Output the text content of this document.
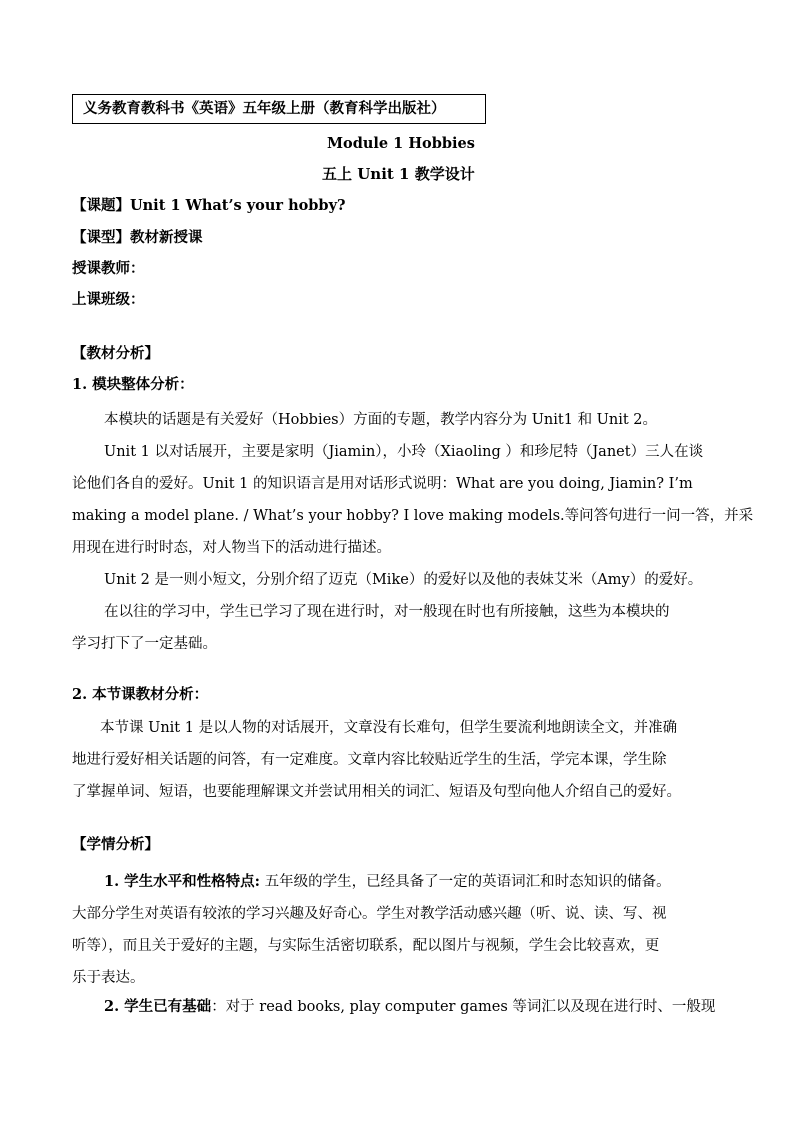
义务教育教科书《英语》五年级上册（教育科学出版社）
Module 1 Hobbies
五上 Unit 1 教学设计
【课题】Unit 1 What’s your hobby?
【课型】教材新授课
授课教师：
上课班级：
【教材分析】
1. 模块整体分析：
本模块的话题是有关爱好（Hobbies）方面的专题，教学内容分为 Unit1 和 Unit 2。
Unit 1 以对话展开，主要是家明（Jiamin），小玲（Xiaoling ）和珍尼特（Janet）三人在谈
论他们各自的爱好。Unit 1 的知识语言是用对话形式说明：What are you doing, Jiamin? I’m
making a model plane. / What’s your hobby? I love making models.等问答句进行一问一答，并采
用现在进行时时态，对人物当下的活动进行描述。
Unit 2 是一则小短文，分别介绍了迈克（Mike）的爱好以及他的表妹艾米（Amy）的爱好。
在以往的学习中，学生已学习了现在进行时，对一般现在时也有所接触，这些为本模块的
学习打下了一定基础。
2. 本节课教材分析：
本节课 Unit 1 是以人物的对话展开，文章没有长难句，但学生要流利地朗读全文，并准确
地进行爱好相关话题的问答，有一定难度。文章内容比较贴近学生的生活，学完本课，学生除
了掌握单词、短语，也要能理解课文并尝试用相关的词汇、短语及句型向他人介绍自己的爱好。
【学情分析】
1. 学生水平和性格特点: 五年级的学生，已经具备了一定的英语词汇和时态知识的储备。
大部分学生对英语有较浓的学习兴趣及好奇心。学生对教学活动感兴趣（听、说、读、写、视
听等），而且关于爱好的主题，与实际生活密切联系，配以图片与视频，学生会比较喜欢，更
乐于表达。
2. 学生已有基础：对于 read books, play computer games 等词汇以及现在进行时、一般现
